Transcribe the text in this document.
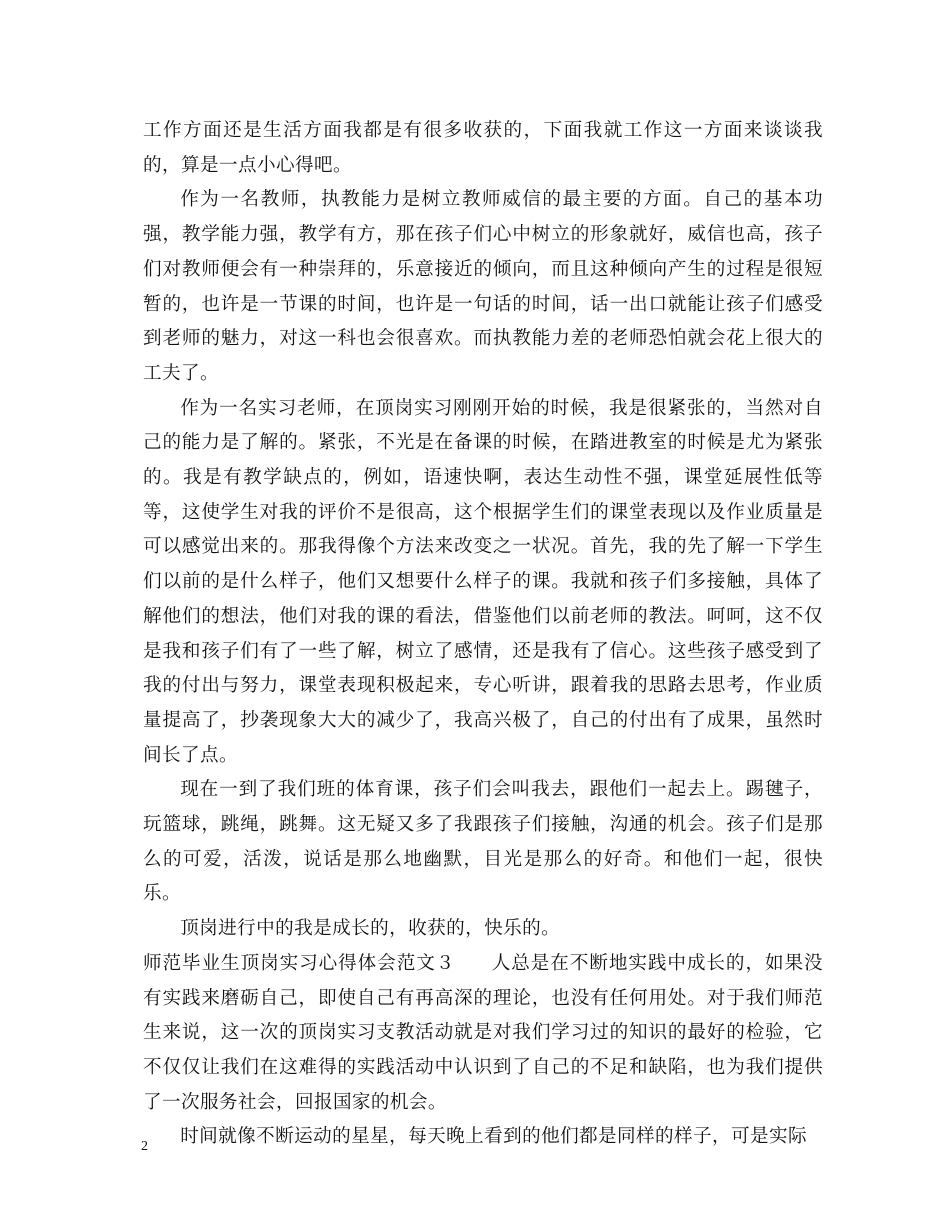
工作方面还是生活方面我都是有很多收获的，下面我就工作这一方面来谈谈我的，算是一点小心得吧。

作为一名教师，执教能力是树立教师威信的最主要的方面。自己的基本功强，教学能力强，教学有方，那在孩子们心中树立的形象就好，威信也高，孩子们对教师便会有一种崇拜的，乐意接近的倾向，而且这种倾向产生的过程是很短暂的，也许是一节课的时间，也许是一句话的时间，话一出口就能让孩子们感受到老师的魅力，对这一科也会很喜欢。而执教能力差的老师恐怕就会花上很大的工夫了。

作为一名实习老师，在顶岗实习刚刚开始的时候，我是很紧张的，当然对自己的能力是了解的。紧张，不光是在备课的时候，在踏进教室的时候是尤为紧张的。我是有教学缺点的，例如，语速快啊，表达生动性不强，课堂延展性低等等，这使学生对我的评价不是很高，这个根据学生们的课堂表现以及作业质量是可以感觉出来的。那我得像个方法来改变之一状况。首先，我的先了解一下学生们以前的是什么样子，他们又想要什么样子的课。我就和孩子们多接触，具体了解他们的想法，他们对我的课的看法，借鉴他们以前老师的教法。呵呵，这不仅是我和孩子们有了一些了解，树立了感情，还是我有了信心。这些孩子感受到了我的付出与努力，课堂表现积极起来，专心听讲，跟着我的思路去思考，作业质量提高了，抄袭现象大大的减少了，我高兴极了，自己的付出有了成果，虽然时间长了点。

现在一到了我们班的体育课，孩子们会叫我去，跟他们一起去上。踢毽子，玩篮球，跳绳，跳舞。这无疑又多了我跟孩子们接触，沟通的机会。孩子们是那么的可爱，活泼，说话是那么地幽默，目光是那么的好奇。和他们一起，很快乐。

顶岗进行中的我是成长的，收获的，快乐的。

师范毕业生顶岗实习心得体会范文３ 人总是在不断地实践中成长的，如果没有实践来磨砺自己，即使自己有再高深的理论，也没有任何用处。对于我们师范生来说，这一次的顶岗实习支教活动就是对我们学习过的知识的最好的检验，它不仅仅让我们在这难得的实践活动中认识到了自己的不足和缺陷，也为我们提供了一次服务社会，回报国家的机会。

时间就像不断运动的星星，每天晚上看到的他们都是同样的样子，可是实际

2
